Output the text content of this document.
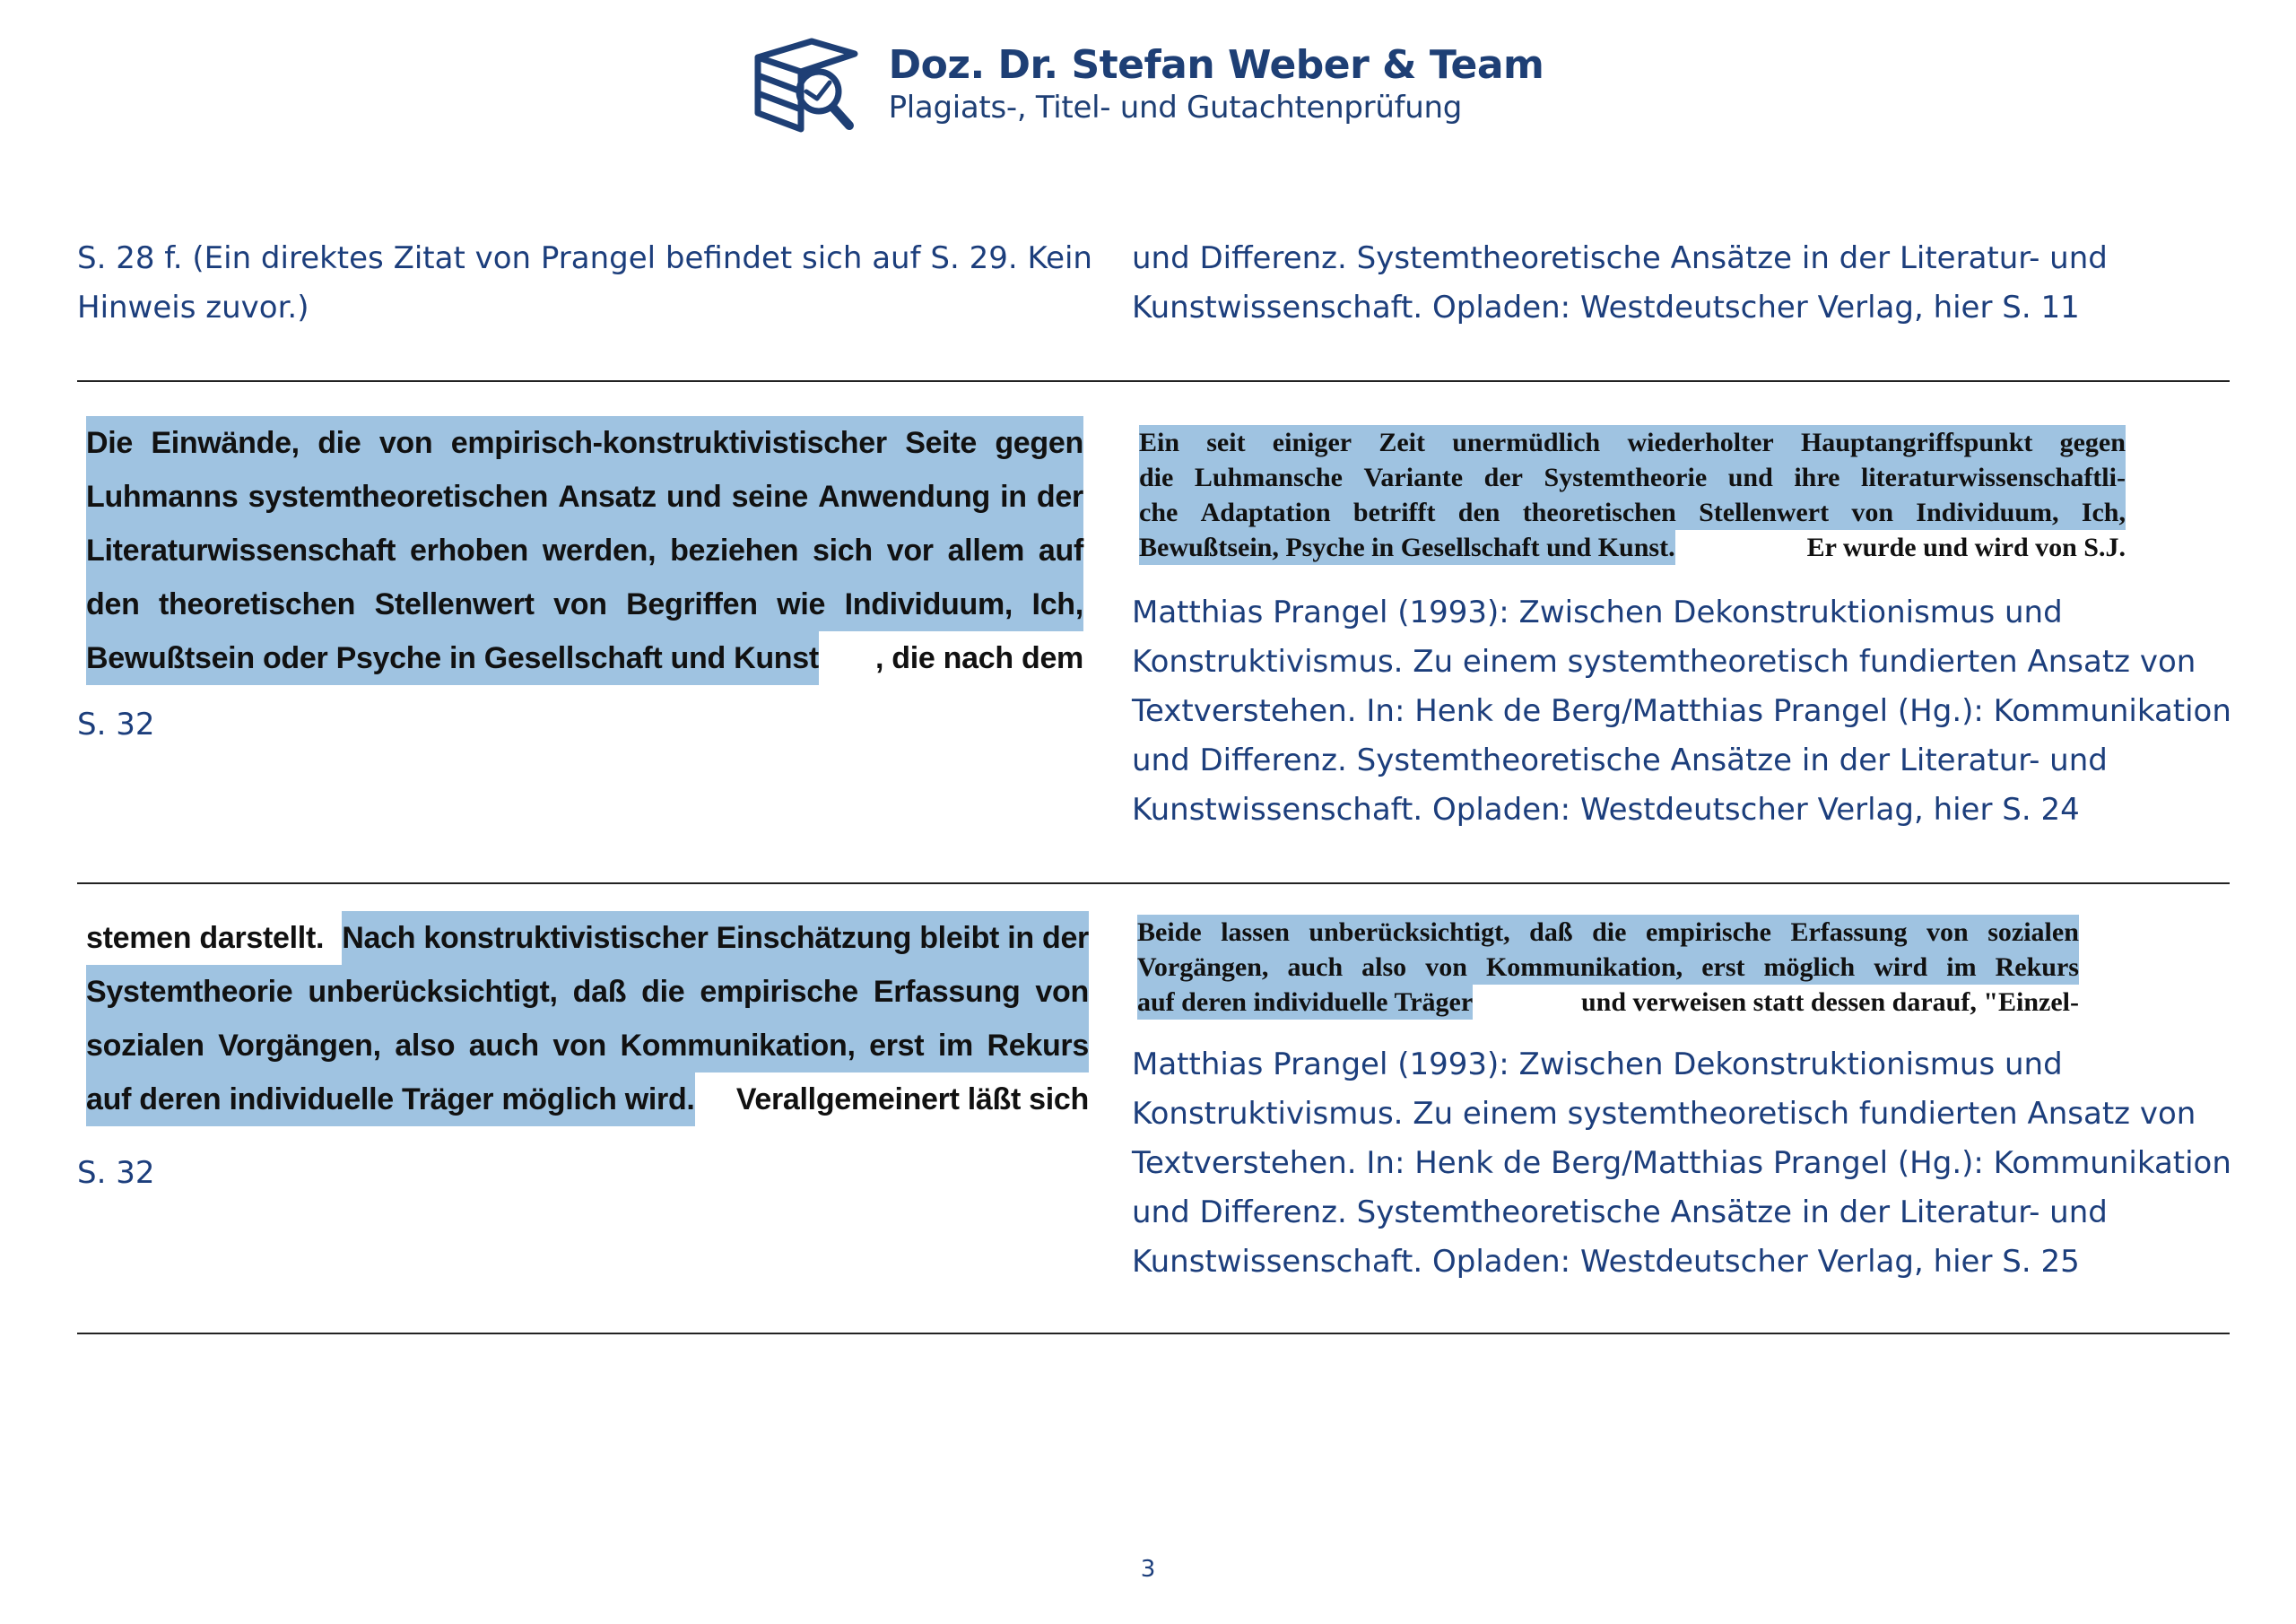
Doz. Dr. Stefan Weber & Team
Plagiats-, Titel- und Gutachtenprüfung
S. 28 f. (Ein direktes Zitat von Prangel befindet sich auf S. 29. Kein
Hinweis zuvor.)
und Differenz. Systemtheoretische Ansätze in der Literatur- und
Kunstwissenschaft. Opladen: Westdeutscher Verlag, hier S. 11
Die Einwände, die von empirisch-konstruktivistischer Seite gegen
Luhmanns systemtheoretischen Ansatz und seine Anwendung in der
Literaturwissenschaft erhoben werden, beziehen sich vor allem auf
den theoretischen Stellenwert von Begriffen wie Individuum, Ich,
Bewußtsein oder Psyche in Gesellschaft und Kunst , die nach dem
S. 32
Ein seit einiger Zeit unermüdlich wiederholter Hauptangriffspunkt gegen
die Luhmansche Variante der Systemtheorie und ihre literaturwissenschaftli-
che Adaptation betrifft den theoretischen Stellenwert von Individuum, Ich,
Bewußtsein, Psyche in Gesellschaft und Kunst.	Er wurde und wird von S.J.
Matthias Prangel (1993): Zwischen Dekonstruktionismus und
Konstruktivismus. Zu einem systemtheoretisch fundierten Ansatz von
Textverstehen. In: Henk de Berg/Matthias Prangel (Hg.): Kommunikation
und Differenz. Systemtheoretische Ansätze in der Literatur- und
Kunstwissenschaft. Opladen: Westdeutscher Verlag, hier S. 24
stemen darstellt. Nach konstruktivistischer Einschätzung bleibt in der
Systemtheorie unberücksichtigt, daß die empirische Erfassung von
sozialen Vorgängen, also auch von Kommunikation, erst im Rekurs
auf deren individuelle Träger möglich wird. Verallgemeinert läßt sich
S. 32
Beide lassen unberücksichtigt, daß die empirische Erfassung von sozialen
Vorgängen, auch also von Kommunikation, erst möglich wird im Rekurs
auf deren individuelle Träger	und verweisen statt dessen darauf, "Einzel-
Matthias Prangel (1993): Zwischen Dekonstruktionismus und
Konstruktivismus. Zu einem systemtheoretisch fundierten Ansatz von
Textverstehen. In: Henk de Berg/Matthias Prangel (Hg.): Kommunikation
und Differenz. Systemtheoretische Ansätze in der Literatur- und
Kunstwissenschaft. Opladen: Westdeutscher Verlag, hier S. 25
3
